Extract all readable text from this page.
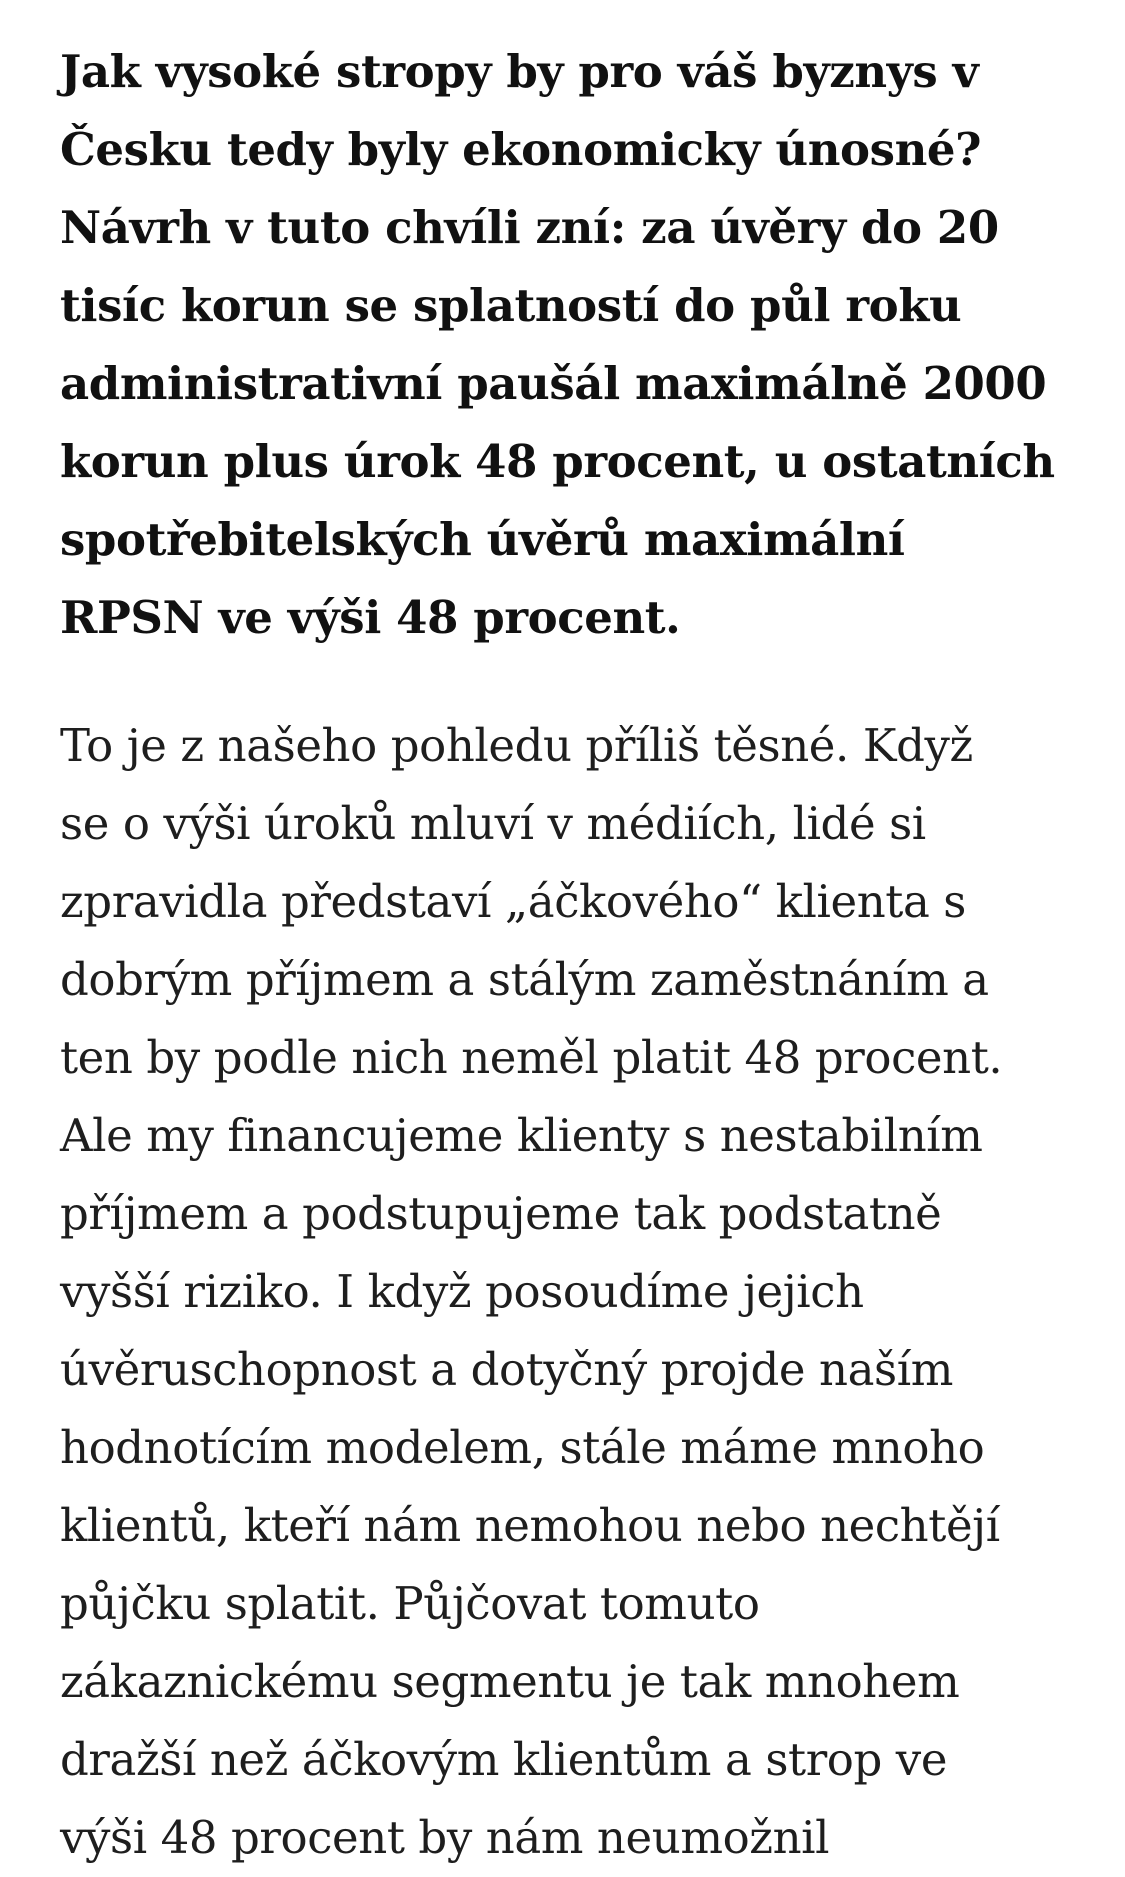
Jak vysoké stropy by pro váš byznys v
Česku tedy byly ekonomicky únosné?
Návrh v tuto chvíli zní: za úvěry do 20
tisíc korun se splatností do půl roku
administrativní paušál maximálně 2000
korun plus úrok 48 procent, u ostatních
spotřebitelských úvěrů maximální
RPSN ve výši 48 procent.

To je z našeho pohledu příliš těsné. Když
se o výši úroků mluví v médiích, lidé si
zpravidla představí „áčkového“ klienta s
dobrým příjmem a stálým zaměstnáním a
ten by podle nich neměl platit 48 procent.
Ale my financujeme klienty s nestabilním
příjmem a podstupujeme tak podstatně
vyšší riziko. I když posoudíme jejich
úvěruschopnost a dotyčný projde naším
hodnotícím modelem, stále máme mnoho
klientů, kteří nám nemohou nebo nechtějí
půjčku splatit. Půjčovat tomuto
zákaznickému segmentu je tak mnohem
dražší než áčkovým klientům a strop ve
výši 48 procent by nám neumožnil
